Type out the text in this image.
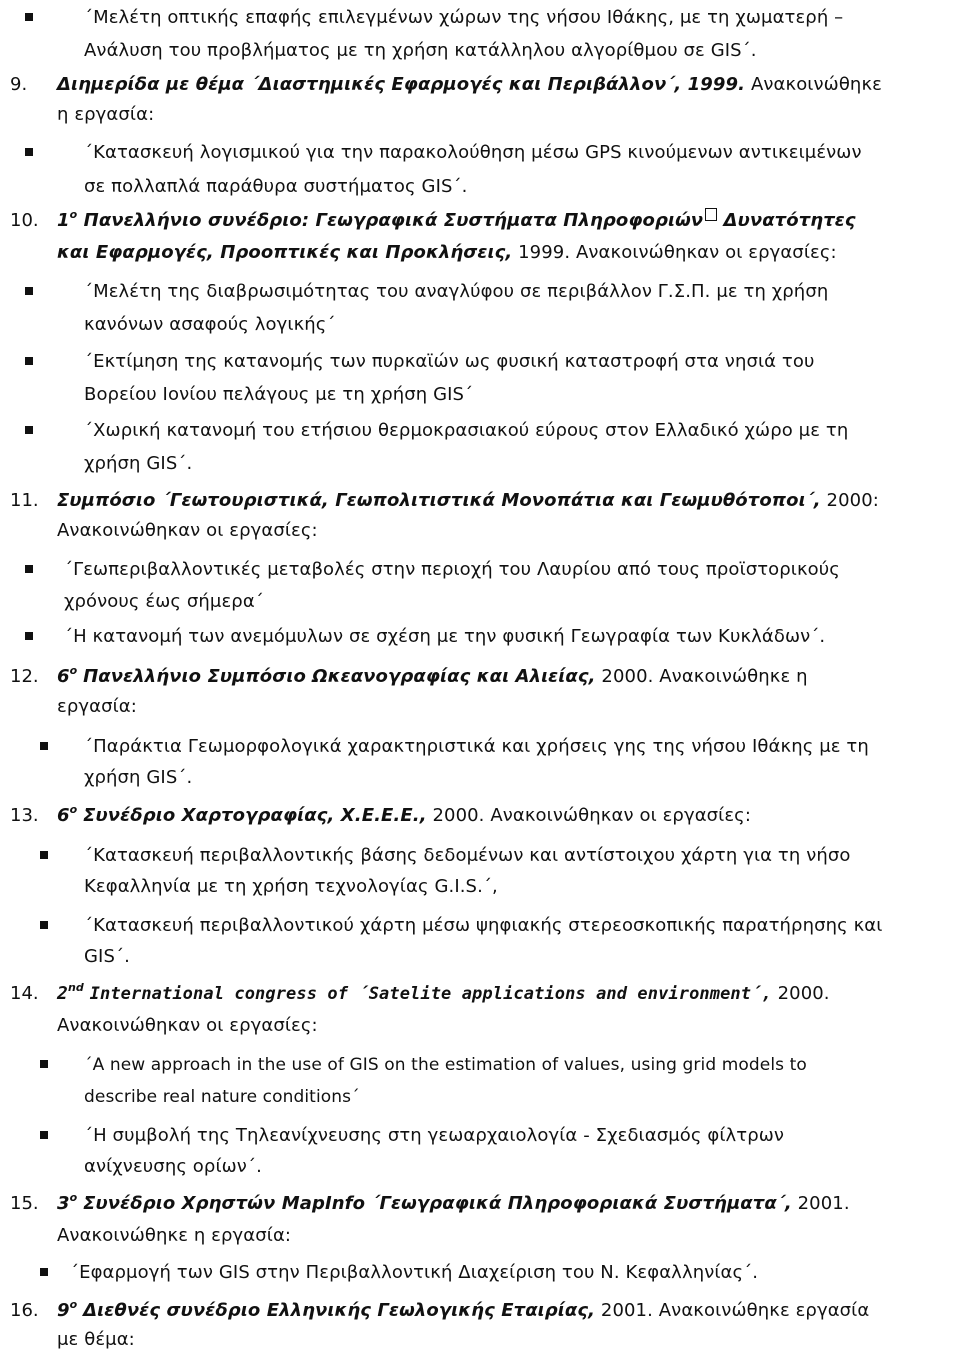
΄Μελέτη οπτικής επαφής επιλεγμένων χώρων της νήσου Ιθάκης, με τη χωματερή –
Ανάλυση του προβλήματος με τη χρήση κατάλληλου αλγορίθμου σε GIS΄.
9. Διημερίδα με θέμα ΄Διαστημικές Εφαρμογές και Περιβάλλον΄, 1999. Ανακοινώθηκε
η εργασία:
΄Κατασκευή λογισμικού για την παρακολούθηση μέσω GPS κινούμενων αντικειμένων
σε πολλαπλά παράθυρα συστήματος GIS΄.
10. $1^o$ Πανελλήνιο συνέδριο: Γεωγραφικά Συστήματα Πληροφοριών Δυνατότητες
και Εφαρμογές, Προοπτικές και Προκλήσεις, 1999. Ανακοινώθηκαν οι εργασίες:
΄Μελέτη της διαβρωσιμότητας του αναγλύφου σε περιβάλλον Γ.Σ.Π. με τη χρήση
κανόνων ασαφούς λογικής΄
΄Εκτίμηση της κατανομής των πυρκαϊών ως φυσική καταστροφή στα νησιά του
Βορείου Ιονίου πελάγους με τη χρήση GIS΄
΄Χωρική κατανομή του ετήσιου θερμοκρασιακού εύρους στον Ελλαδικό χώρο με τη
χρήση GIS΄.
11. Συμπόσιο ΄Γεωτουριστικά, Γεωπολιτιστικά Μονοπάτια και Γεωμυθότοποι΄, 2000:
Ανακοινώθηκαν οι εργασίες:
΄Γεωπεριβαλλοντικές μεταβολές στην περιοχή του Λαυρίου από τους προϊστορικούς
χρόνους έως σήμερα΄
΄Η κατανομή των ανεμόμυλων σε σχέση με την φυσική Γεωγραφία των Κυκλάδων΄.
12. $6^o$ Πανελλήνιο Συμπόσιο Ωκεανογραφίας και Αλιείας, 2000. Ανακοινώθηκε η
εργασία:
΄Παράκτια Γεωμορφολογικά χαρακτηριστικά και χρήσεις γης της νήσου Ιθάκης με τη
χρήση GIS΄.
13. $6^o$ Συνέδριο Χαρτογραφίας, Χ.Ε.Ε.Ε., 2000. Ανακοινώθηκαν οι εργασίες:
΄Κατασκευή περιβαλλοντικής βάσης δεδομένων και αντίστοιχου χάρτη για τη νήσο
Κεφαλληνία με τη χρήση τεχνολογίας G.I.S.΄,
΄Κατασκευή περιβαλλοντικού χάρτη μέσω ψηφιακής στερεοσκοπικής παρατήρησης και
GIS΄.
14. 2nd International congress of ΄Satelite applications and environment΄, 2000.
Ανακοινώθηκαν οι εργασίες:
΄A new approach in the use of GIS on the estimation of values, using grid models to
describe real nature conditions΄
΄Η συμβολή της Τηλεανίχνευσης στη γεωαρχαιολογία - Σχεδιασμός φίλτρων
ανίχνευσης ορίων΄.
15. $3^o$ Συνέδριο Χρηστών MapInfo ΄Γεωγραφικά Πληροφοριακά Συστήματα΄, 2001.
Ανακοινώθηκε η εργασία:
΄Εφαρμογή των GIS στην Περιβαλλοντική Διαχείριση του Ν. Κεφαλληνίας΄.
16. $9^o$ Διεθνές συνέδριο Ελληνικής Γεωλογικής Εταιρίας, 2001. Ανακοινώθηκε εργασία
με θέμα:
